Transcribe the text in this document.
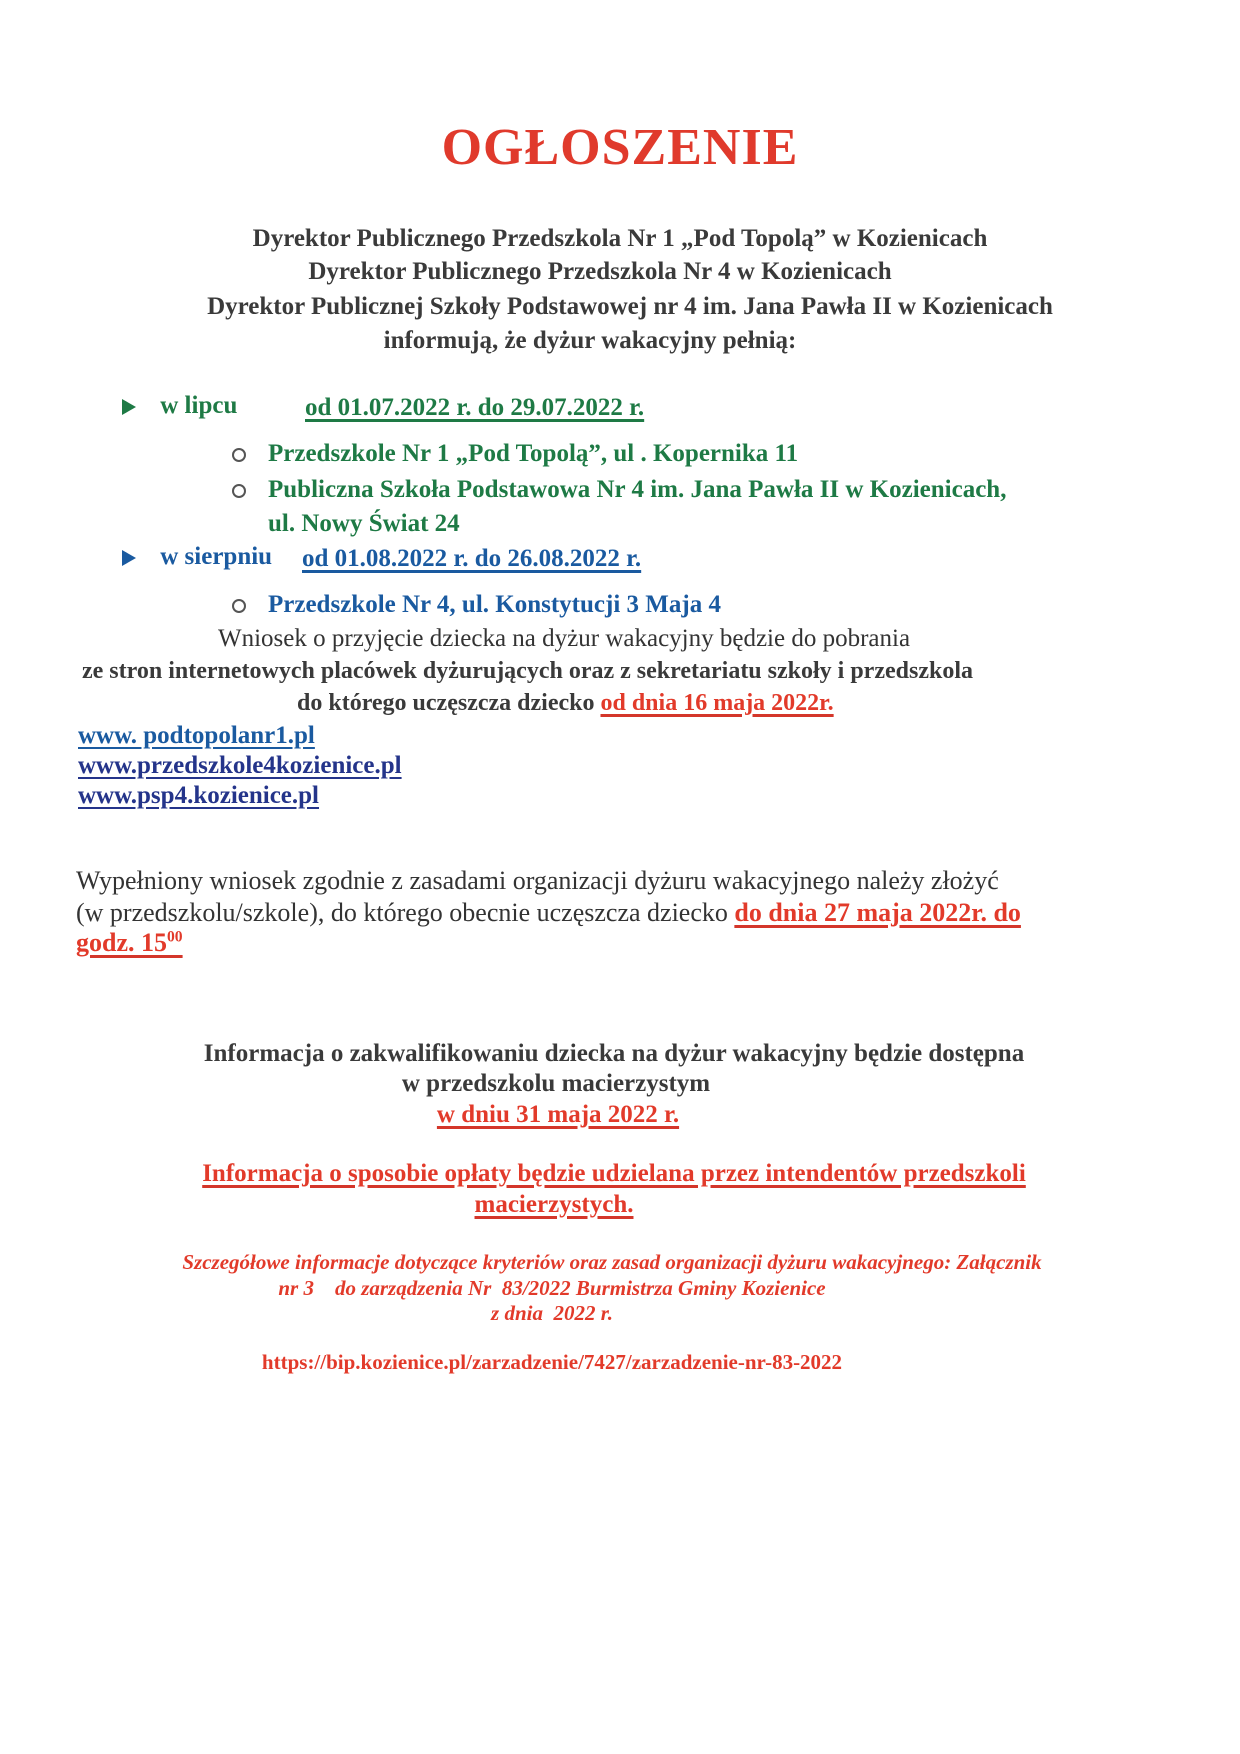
OGŁOSZENIE
Dyrektor Publicznego Przedszkola Nr 1 „Pod Topolą” w Kozienicach
Dyrektor Publicznego Przedszkola Nr 4 w Kozienicach
Dyrektor Publicznej Szkoły Podstawowej nr 4 im. Jana Pawła II w Kozienicach
informują, że dyżur wakacyjny pełnią:
w lipcu	od 01.07.2022 r. do 29.07.2022 r.
Przedszkole Nr 1 „Pod Topolą”, ul . Kopernika 11
Publiczna Szkoła Podstawowa Nr 4 im. Jana Pawła II w Kozienicach,
ul. Nowy Świat 24
w sierpniu od 01.08.2022 r. do 26.08.2022 r.
Przedszkole Nr 4, ul. Konstytucji 3 Maja 4
Wniosek o przyjęcie dziecka na dyżur wakacyjny będzie do pobrania
ze stron internetowych placówek dyżurujących oraz z sekretariatu szkoły i przedszkola
do którego uczęszcza dziecko od dnia 16 maja 2022r.
www. podtopolanr1.pl
www.przedszkole4kozienice.pl
www.psp4.kozienice.pl
Wypełniony wniosek zgodnie z zasadami organizacji dyżuru wakacyjnego należy złożyć
(w przedszkolu/szkole), do którego obecnie uczęszcza dziecko do dnia 27 maja 2022r. do
godz. $15^{00}$
Informacja o zakwalifikowaniu dziecka na dyżur wakacyjny będzie dostępna
w przedszkolu macierzystym
w dniu 31 maja 2022 r.
Informacja o sposobie opłaty będzie udzielana przez intendentów przedszkoli
macierzystych.
Szczegółowe informacje dotyczące kryteriów oraz zasad organizacji dyżuru wakacyjnego: Załącznik
nr 3    do zarządzenia Nr  83/2022 Burmistrza Gminy Kozienice
z dnia  2022 r.
https://bip.kozienice.pl/zarzadzenie/7427/zarzadzenie-nr-83-2022
